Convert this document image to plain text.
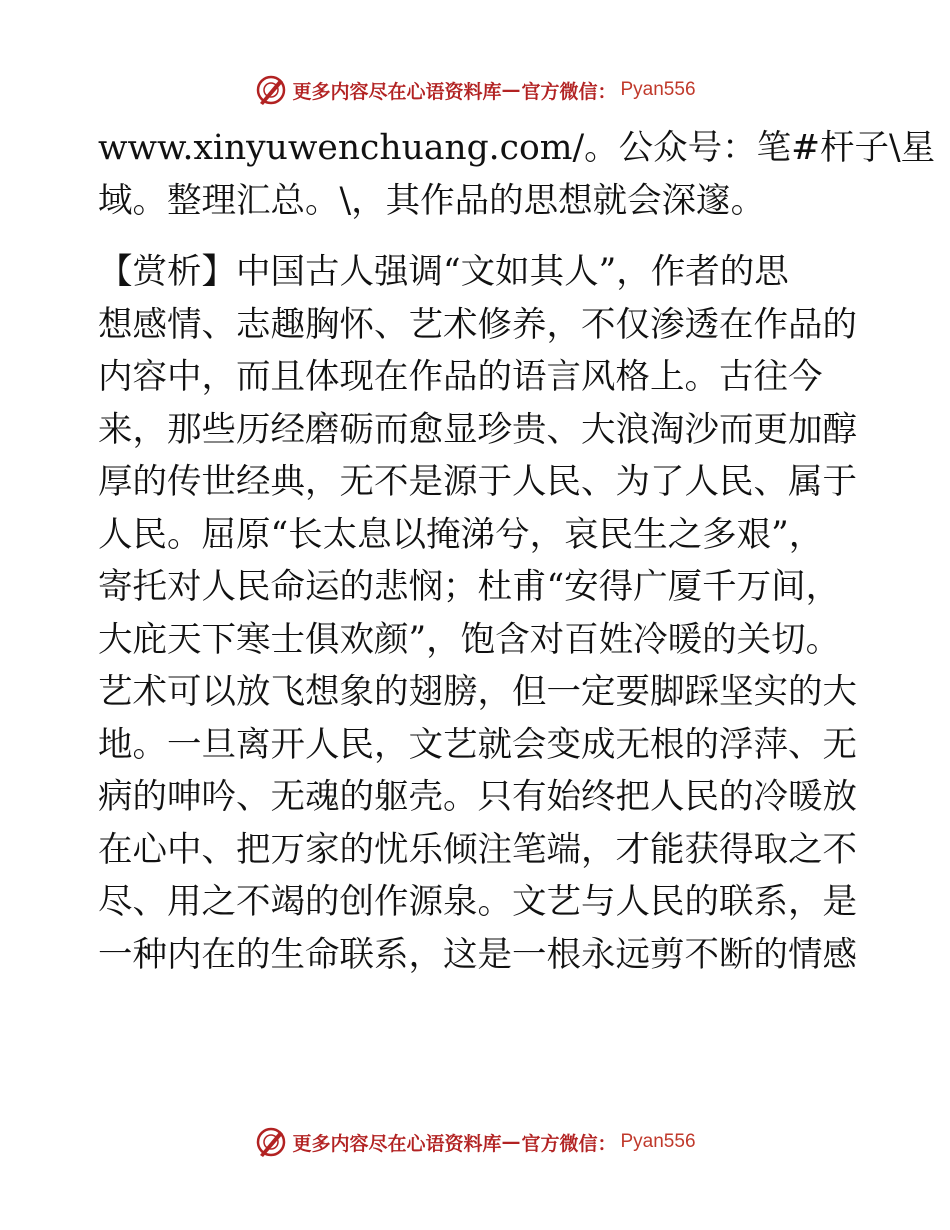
更多内容尽在心语资料库 — 官方微信： Pyan556
www.xinyuwenchuang.com/。公众号：笔#杆子\星
域。整理汇总。\，其作品的思想就会深邃。
【赏析】中国古人强调“文如其人”，作者的思
想感情、志趣胸怀、艺术修养，不仅渗透在作品的
内容中，而且体现在作品的语言风格上。古往今
来，那些历经磨砺而愈显珍贵、大浪淘沙而更加醇
厚的传世经典，无不是源于人民、为了人民、属于
人民。屈原“长太息以掩涕兮，哀民生之多艰”，
寄托对人民命运的悲悯；杜甫“安得广厦千万间，
大庇天下寒士俱欢颜”，饱含对百姓冷暖的关切。
艺术可以放飞想象的翅膀，但一定要脚踩坚实的大
地。一旦离开人民，文艺就会变成无根的浮萍、无
病的呻吟、无魂的躯壳。只有始终把人民的冷暖放
在心中、把万家的忧乐倾注笔端，才能获得取之不
尽、用之不竭的创作源泉。文艺与人民的联系，是
一种内在的生命联系，这是一根永远剪不断的情感
更多内容尽在心语资料库 — 官方微信： Pyan556
